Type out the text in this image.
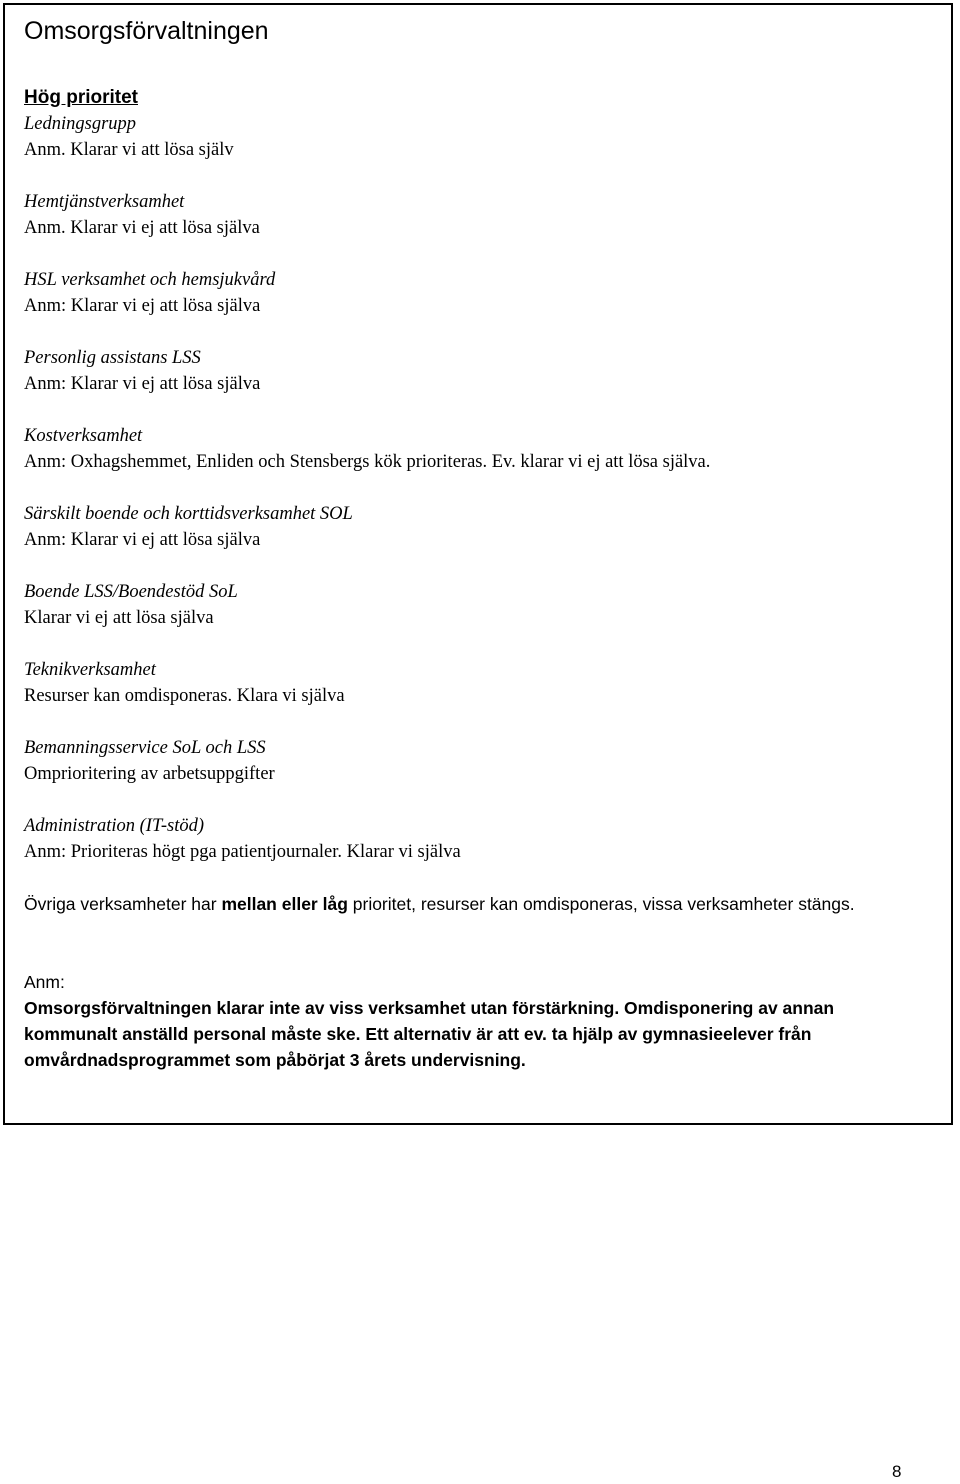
Omsorgsförvaltningen
Hög prioritet
Ledningsgrupp
Anm. Klarar vi att lösa själv
Hemtjänstverksamhet
Anm. Klarar vi ej att lösa själva
HSL verksamhet och hemsjukvård
Anm: Klarar vi ej att lösa själva
Personlig assistans LSS
Anm: Klarar vi ej att lösa själva
Kostverksamhet
Anm: Oxhagshemmet, Enliden och Stensbergs kök prioriteras. Ev. klarar vi ej att lösa själva.
Särskilt boende och korttidsverksamhet SOL
Anm: Klarar vi ej att lösa själva
Boende LSS/Boendestöd SoL
Klarar vi ej att lösa själva
Teknikverksamhet
Resurser kan omdisponeras. Klara vi själva
Bemanningsservice SoL och LSS
Omprioritering av arbetsuppgifter
Administration (IT-stöd)
Anm: Prioriteras högt pga patientjournaler. Klarar vi själva

Övriga verksamheter har mellan eller låg prioritet, resurser kan omdisponeras, vissa verksamheter stängs.

Anm:
Omsorgsförvaltningen klarar inte av viss verksamhet utan förstärkning. Omdisponering av annan kommunalt anställd personal måste ske. Ett alternativ är att ev. ta hjälp av gymnasieelever från omvårdnadsprogrammet som påbörjat 3 årets undervisning.
8
